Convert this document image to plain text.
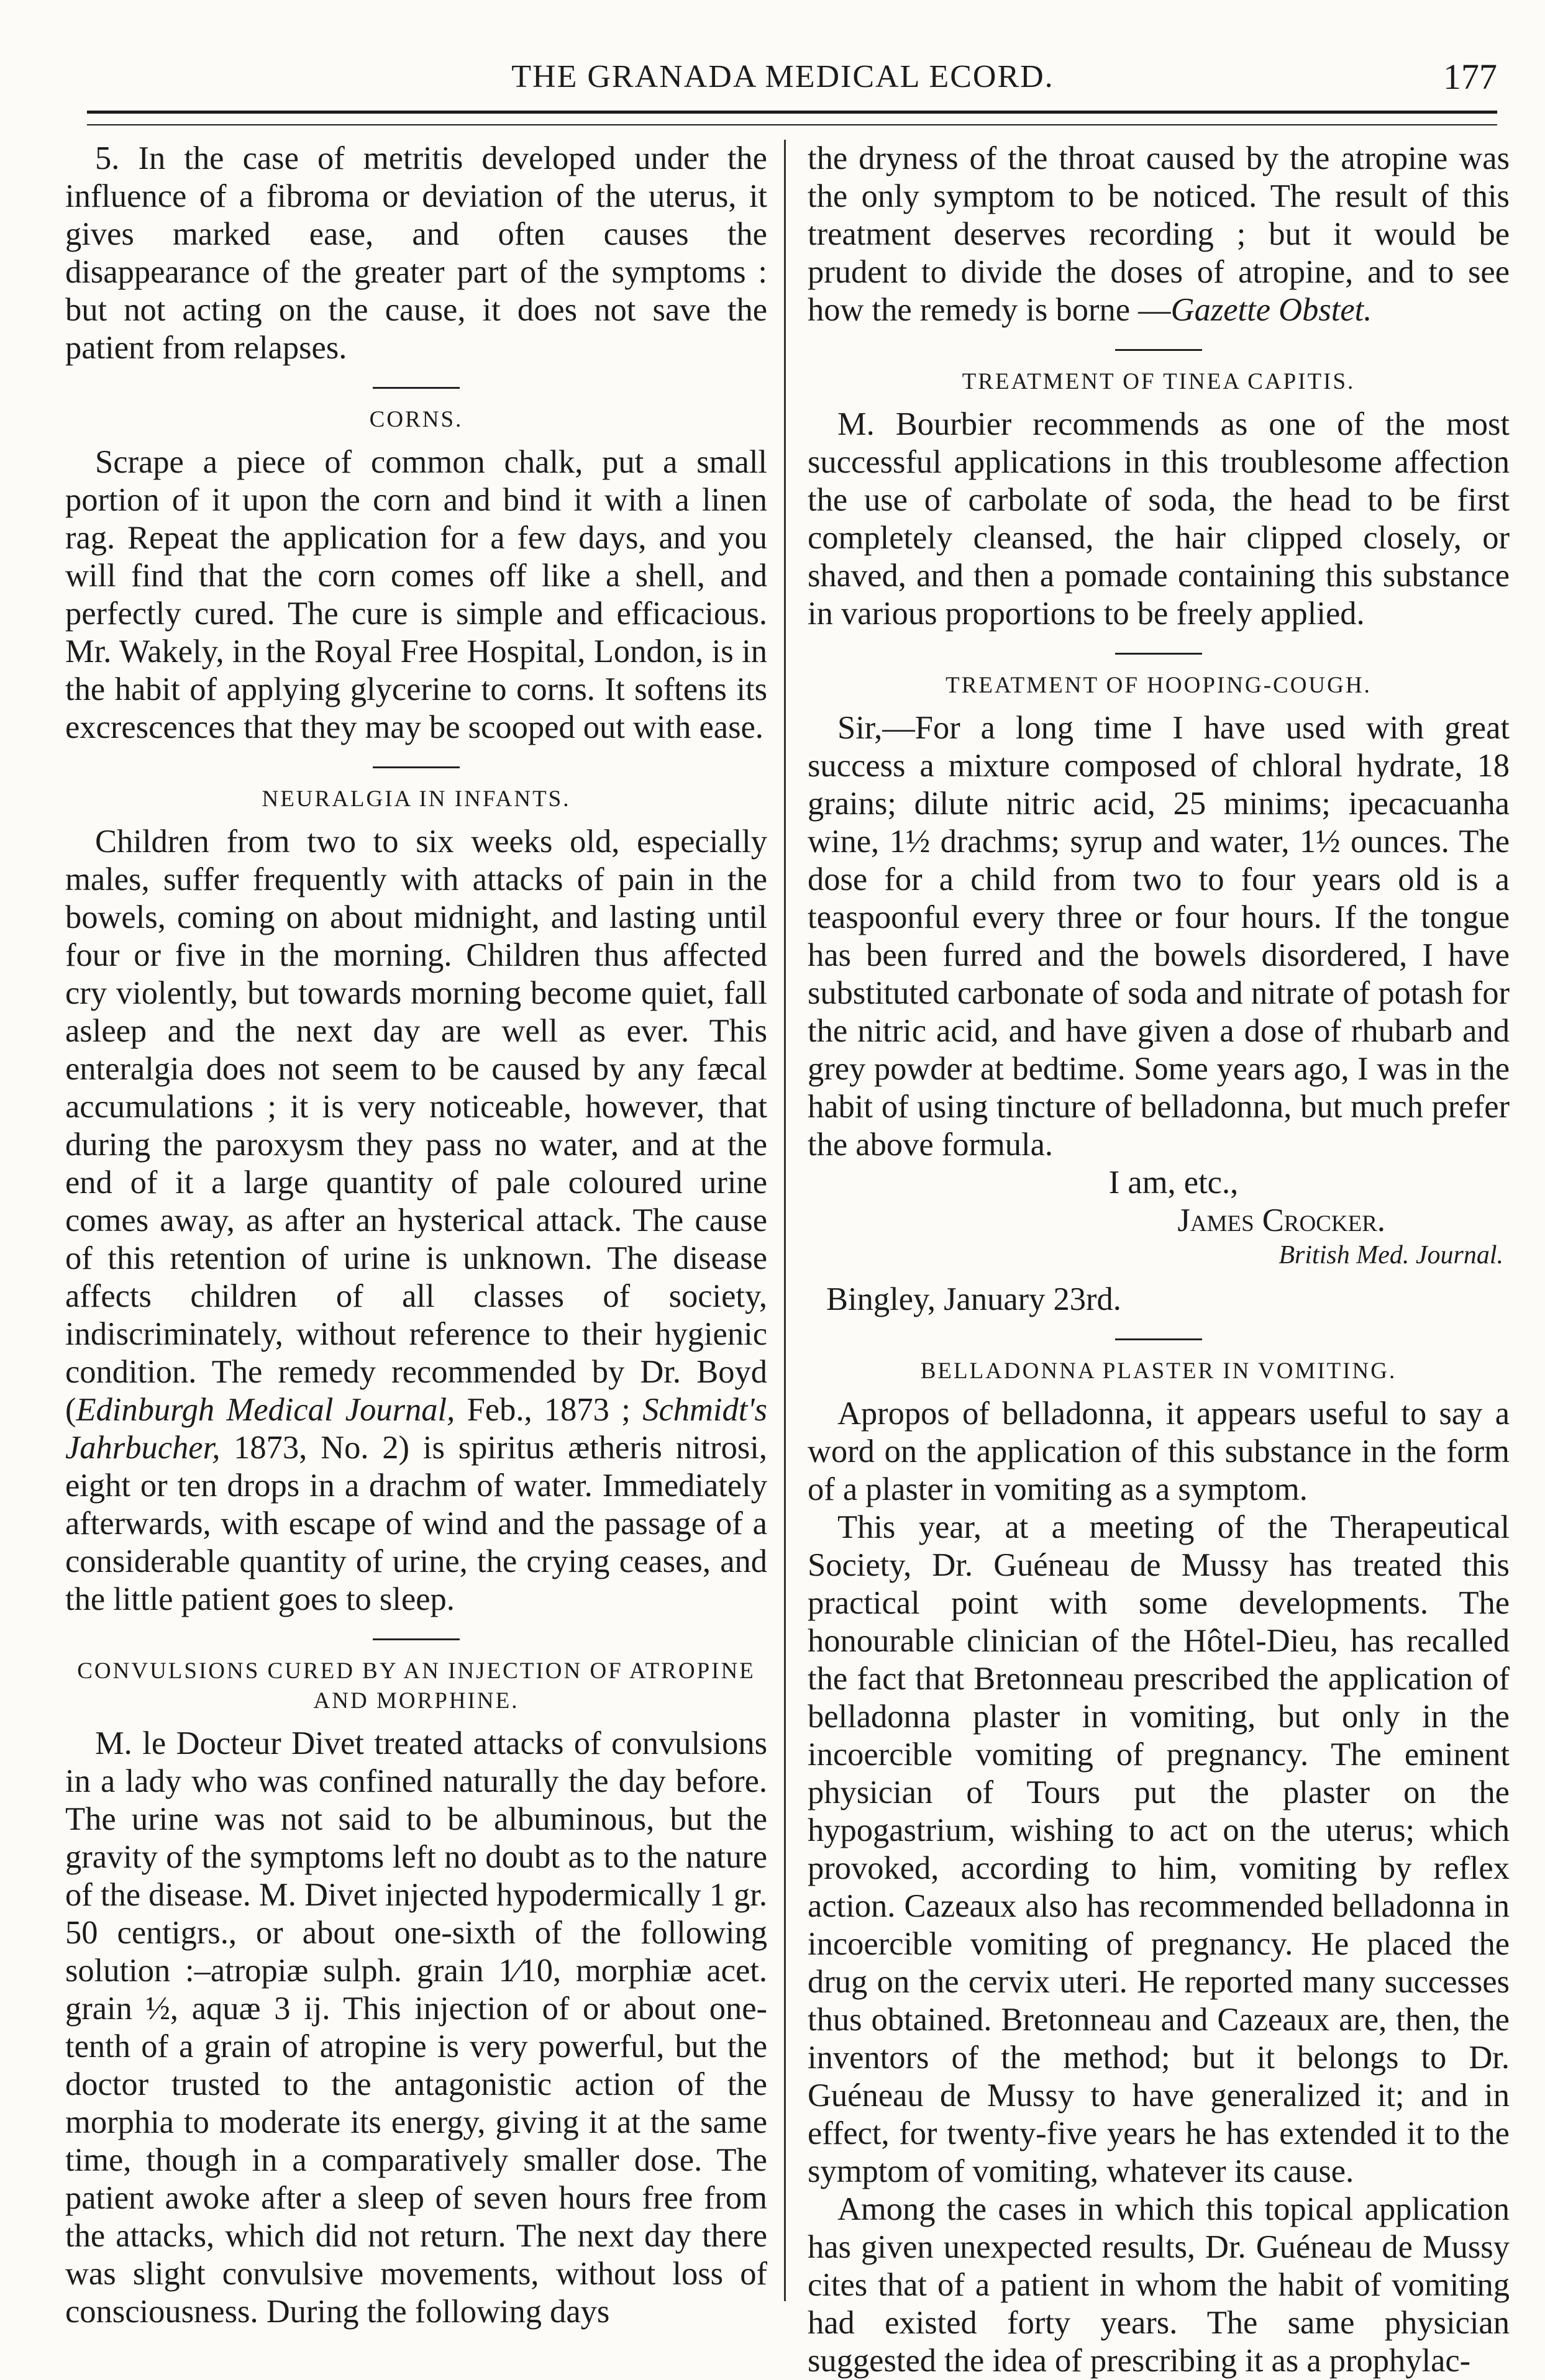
THE GRANADA MEDICAL ECORD.	177

5. In the case of metritis developed under the influence of a fibroma or deviation of the uterus, it gives marked ease, and often causes the disappearance of the greater part of the symptoms : but not acting on the cause, it does not save the patient from relapses.

CORNS.

Scrape a piece of common chalk, put a small portion of it upon the corn and bind it with a linen rag. Repeat the application for a few days, and you will find that the corn comes off like a shell, and perfectly cured. The cure is simple and efficacious. Mr. Wakely, in the Royal Free Hospital, London, is in the habit of applying glycerine to corns. It softens its excrescences that they may be scooped out with ease.

NEURALGIA IN INFANTS.

Children from two to six weeks old, especially males, suffer frequently with attacks of pain in the bowels, coming on about midnight, and lasting until four or five in the morning. Children thus affected cry violently, but towards morning become quiet, fall asleep and the next day are well as ever. This enteralgia does not seem to be caused by any fæcal accumulations ; it is very noticeable, however, that during the paroxysm they pass no water, and at the end of it a large quantity of pale coloured urine comes away, as after an hysterical attack. The cause of this retention of urine is unknown. The disease affects children of all classes of society, indiscriminately, without reference to their hygienic condition. The remedy recommended by Dr. Boyd (Edinburgh Medical Journal, Feb., 1873 ; Schmidt's Jahrbucher, 1873, No. 2) is spiritus ætheris nitrosi, eight or ten drops in a drachm of water. Immediately afterwards, with escape of wind and the passage of a considerable quantity of urine, the crying ceases, and the little patient goes to sleep.

CONVULSIONS CURED BY AN INJECTION OF ATROPINE AND MORPHINE.

M. le Docteur Divet treated attacks of convulsions in a lady who was confined naturally the day before. The urine was not said to be albuminous, but the gravity of the symptoms left no doubt as to the nature of the disease. M. Divet injected hypodermically 1 gr. 50 centigrs., or about one-sixth of the following solution :–atropiæ sulph. grain 1⁄10, morphiæ acet. grain ½, aquæ 3 ij. This injection of or about one-tenth of a grain of atropine is very powerful, but the doctor trusted to the antagonistic action of the morphia to moderate its energy, giving it at the same time, though in a comparatively smaller dose. The patient awoke after a sleep of seven hours free from the attacks, which did not return. The next day there was slight convulsive movements, without loss of consciousness. During the following days

the dryness of the throat caused by the atropine was the only symptom to be noticed. The result of this treatment deserves recording ; but it would be prudent to divide the doses of atropine, and to see how the remedy is borne —Gazette Obstet.

TREATMENT OF TINEA CAPITIS.

M. Bourbier recommends as one of the most successful applications in this troublesome affection the use of carbolate of soda, the head to be first completely cleansed, the hair clipped closely, or shaved, and then a pomade containing this substance in various proportions to be freely applied.

TREATMENT OF HOOPING-COUGH.

Sir,—For a long time I have used with great success a mixture composed of chloral hydrate, 18 grains; dilute nitric acid, 25 minims; ipecacuanha wine, 1½ drachms; syrup and water, 1½ ounces. The dose for a child from two to four years old is a teaspoonful every three or four hours. If the tongue has been furred and the bowels disordered, I have substituted carbonate of soda and nitrate of potash for the nitric acid, and have given a dose of rhubarb and grey powder at bedtime. Some years ago, I was in the habit of using tincture of belladonna, but much prefer the above formula.

I am, etc.,

James Crocker.

British Med. Journal.

Bingley, January 23rd.

BELLADONNA PLASTER IN VOMITING.

Apropos of belladonna, it appears useful to say a word on the application of this substance in the form of a plaster in vomiting as a symptom.

This year, at a meeting of the Therapeutical Society, Dr. Guéneau de Mussy has treated this practical point with some developments. The honourable clinician of the Hôtel-Dieu, has recalled the fact that Bretonneau prescribed the application of belladonna plaster in vomiting, but only in the incoercible vomiting of pregnancy. The eminent physician of Tours put the plaster on the hypogastrium, wishing to act on the uterus; which provoked, according to him, vomiting by reflex action. Cazeaux also has recommended belladonna in incoercible vomiting of pregnancy. He placed the drug on the cervix uteri. He reported many successes thus obtained. Bretonneau and Cazeaux are, then, the inventors of the method; but it belongs to Dr. Guéneau de Mussy to have generalized it; and in effect, for twenty-five years he has extended it to the symptom of vomiting, whatever its cause.

Among the cases in which this topical application has given unexpected results, Dr. Guéneau de Mussy cites that of a patient in whom the habit of vomiting had existed forty years. The same physician suggested the idea of prescribing it as a prophylac-
